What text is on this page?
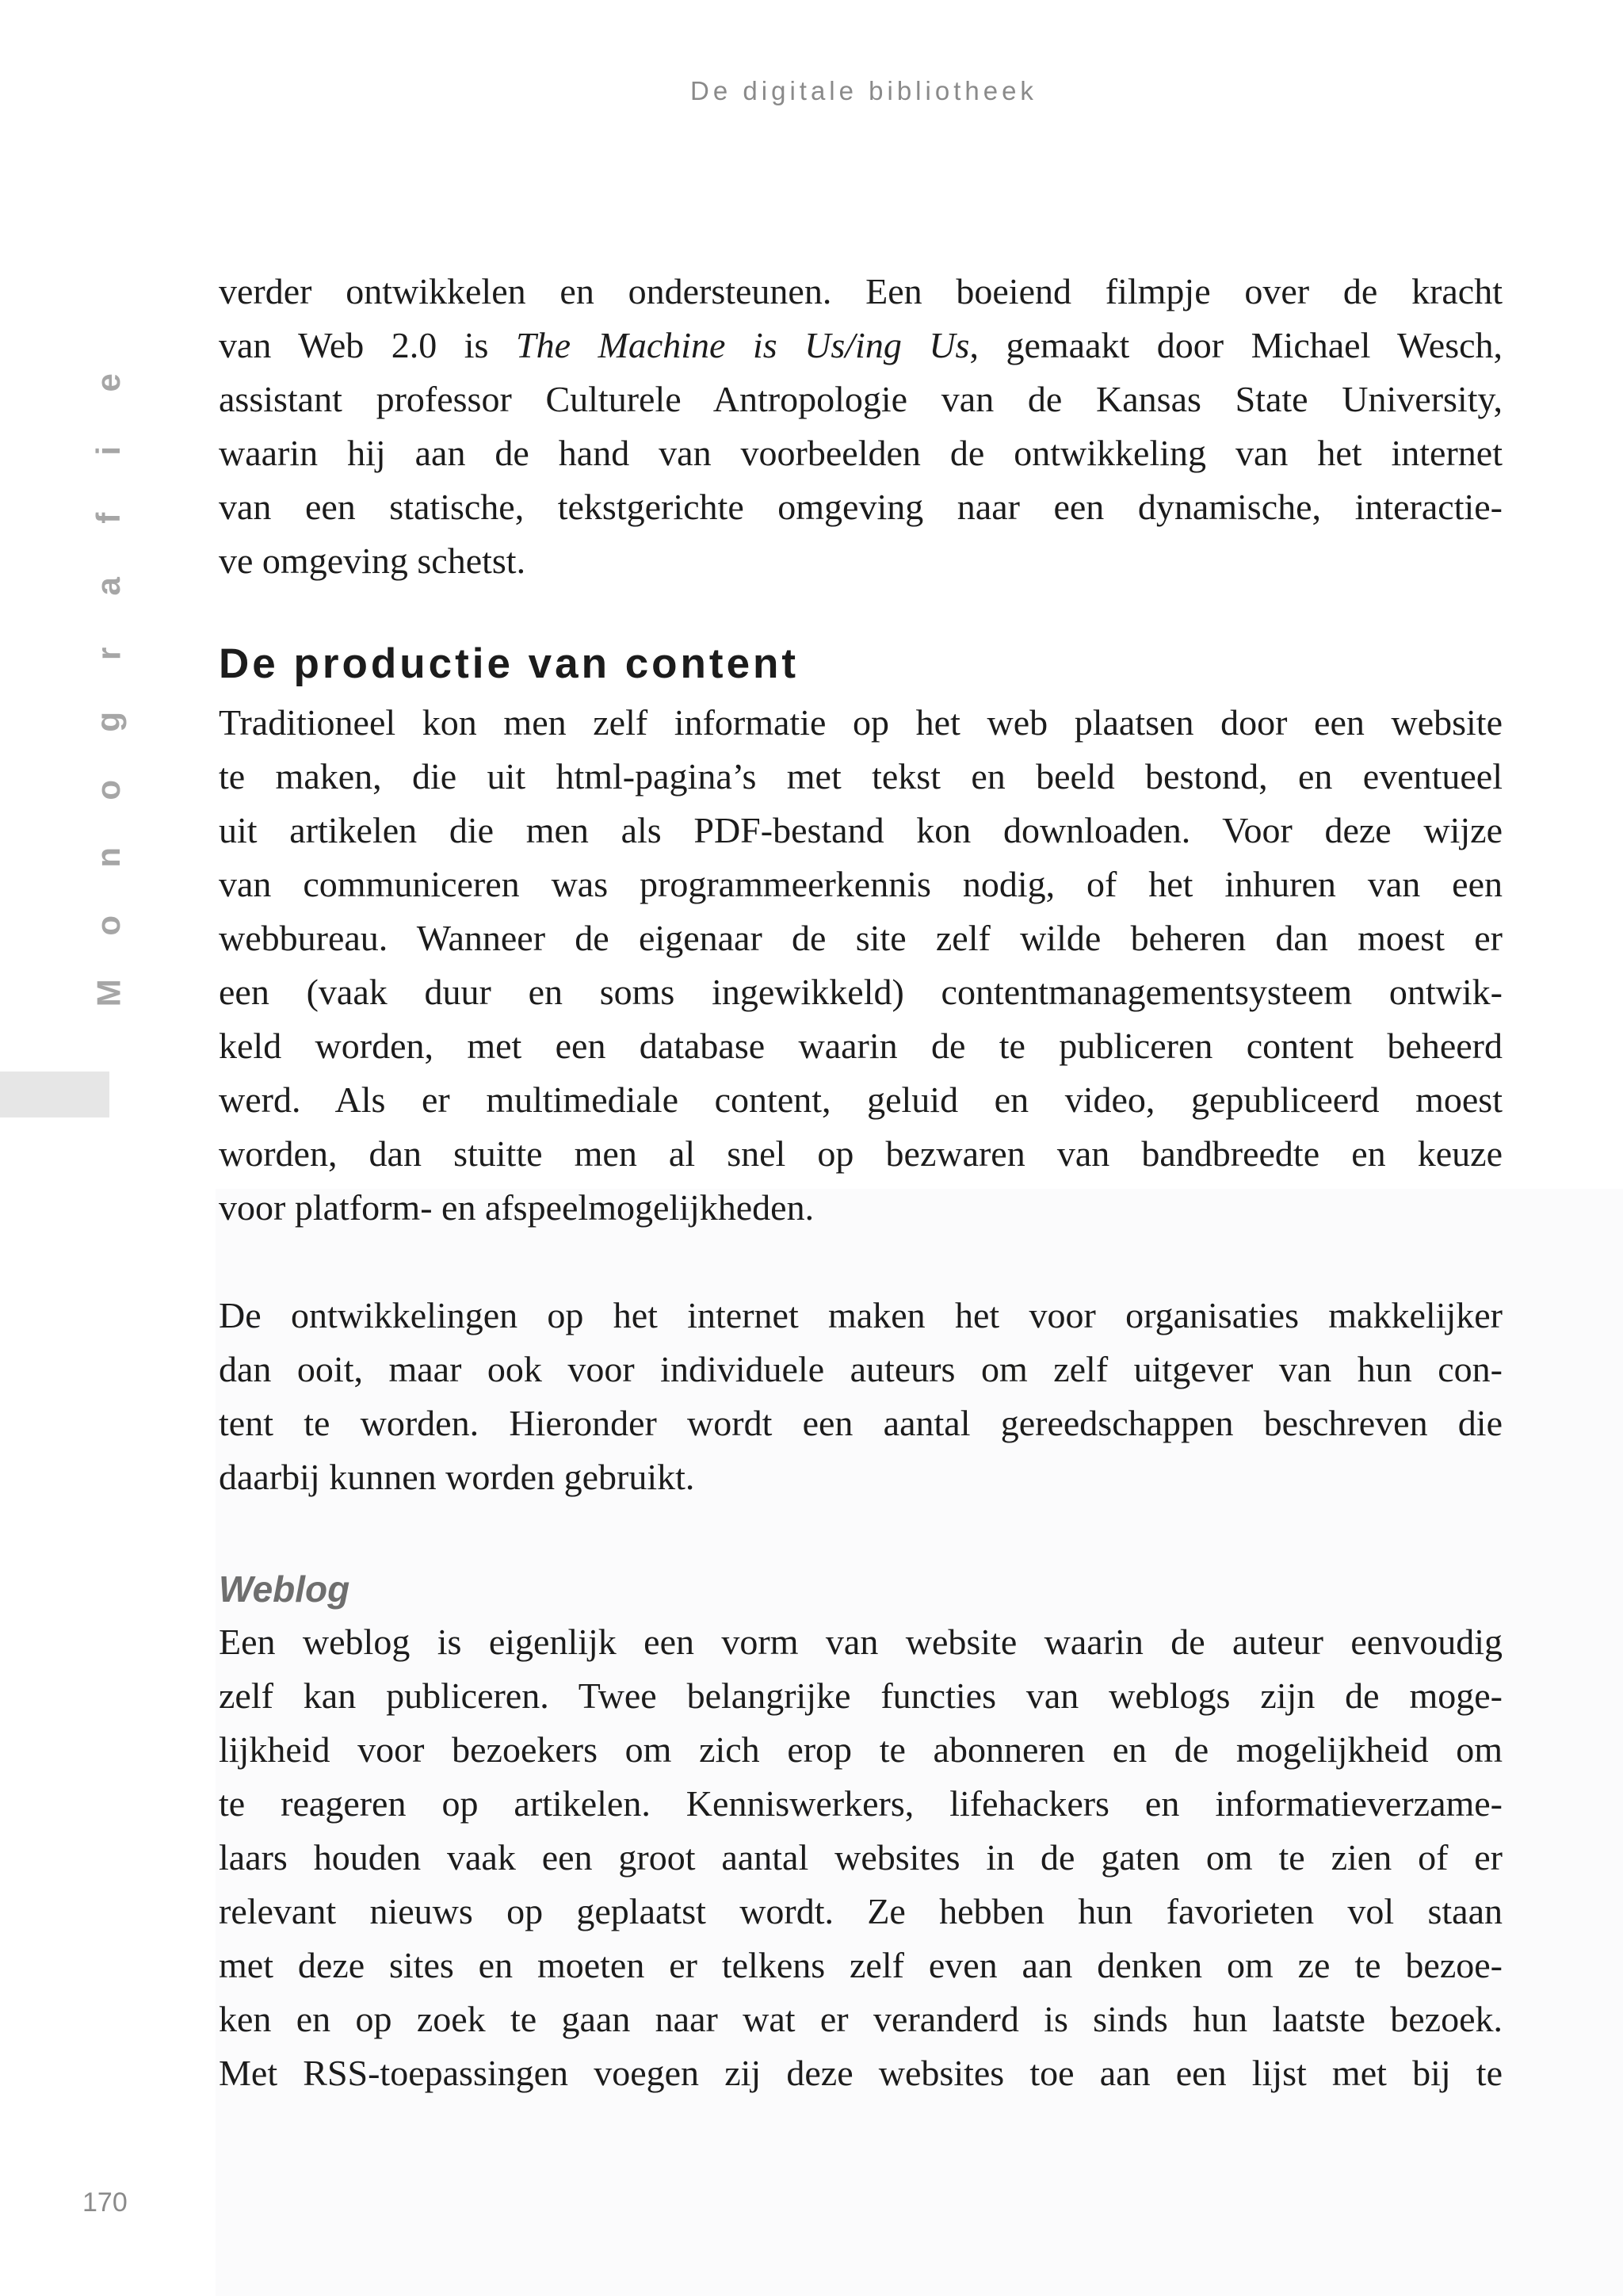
De digitale bibliotheek
e
i
f
a
r
g
o
n
o
M

verder ontwikkelen en ondersteunen. Een boeiend filmpje over de kracht
van Web 2.0 is The Machine is Us/ing Us, gemaakt door Michael Wesch,
assistant professor Culturele Antropologie van de Kansas State University,
waarin hij aan de hand van voorbeelden de ontwikkeling van het internet
van een statische, tekstgerichte omgeving naar een dynamische, interactie-
ve omgeving schetst.

De productie van content

Traditioneel kon men zelf informatie op het web plaatsen door een website
te maken, die uit html-pagina’s met tekst en beeld bestond, en eventueel
uit artikelen die men als PDF-bestand kon downloaden. Voor deze wijze
van communiceren was programmeerkennis nodig, of het inhuren van een
webbureau. Wanneer de eigenaar de site zelf wilde beheren dan moest er
een (vaak duur en soms ingewikkeld) contentmanagementsysteem ontwik-
keld worden, met een database waarin de te publiceren content beheerd
werd. Als er multimediale content, geluid en video, gepubliceerd moest
worden, dan stuitte men al snel op bezwaren van bandbreedte en keuze
voor platform- en afspeelmogelijkheden.

De ontwikkelingen op het internet maken het voor organisaties makkelijker
dan ooit, maar ook voor individuele auteurs om zelf uitgever van hun con-
tent te worden. Hieronder wordt een aantal gereedschappen beschreven die
daarbij kunnen worden gebruikt.

Weblog

Een weblog is eigenlijk een vorm van website waarin de auteur eenvoudig
zelf kan publiceren. Twee belangrijke functies van weblogs zijn de moge-
lijkheid voor bezoekers om zich erop te abonneren en de mogelijkheid om
te reageren op artikelen. Kenniswerkers, lifehackers en informatieverzame-
laars houden vaak een groot aantal websites in de gaten om te zien of er
relevant nieuws op geplaatst wordt. Ze hebben hun favorieten vol staan
met deze sites en moeten er telkens zelf even aan denken om ze te bezoe-
ken en op zoek te gaan naar wat er veranderd is sinds hun laatste bezoek.
Met RSS-toepassingen voegen zij deze websites toe aan een lijst met bij te

170
